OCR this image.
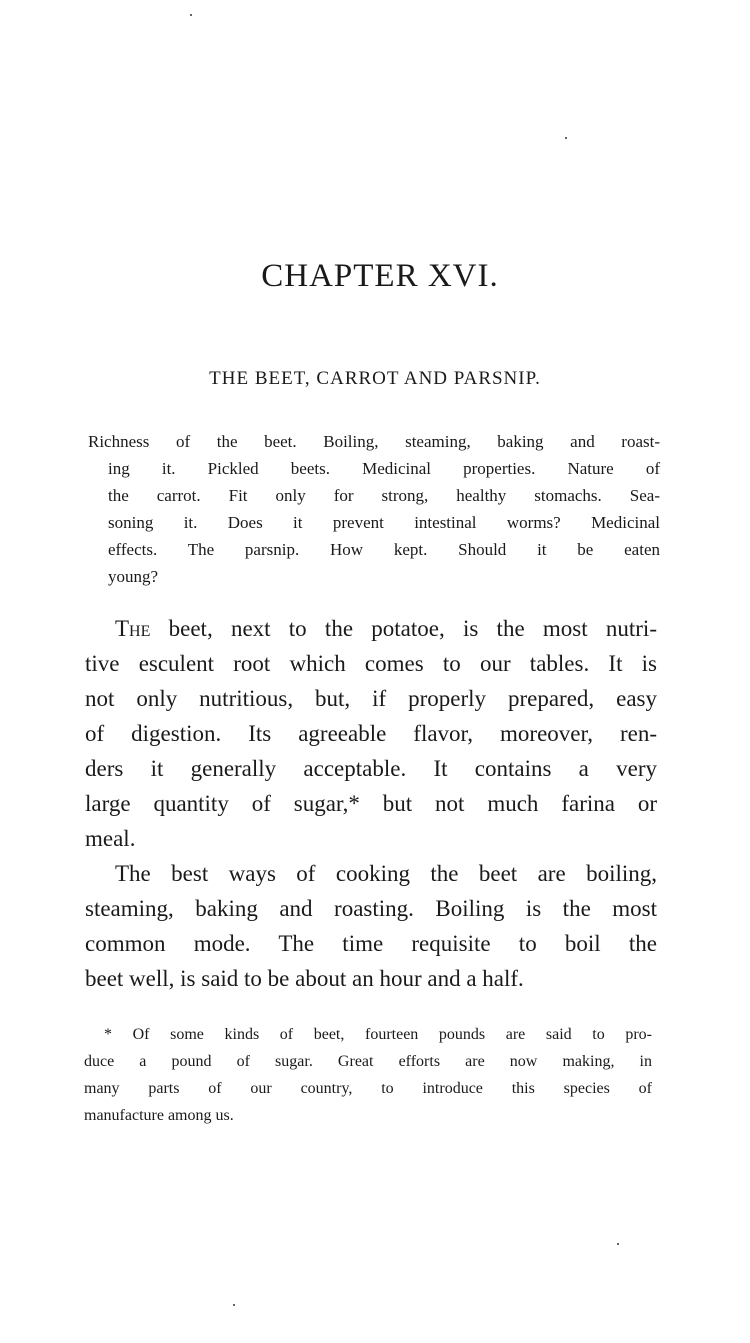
CHAPTER XVI.
THE BEET, CARROT AND PARSNIP.
Richness of the beet. Boiling, steaming, baking and roast-
ing it. Pickled beets. Medicinal properties. Nature of
the carrot. Fit only for strong, healthy stomachs. Sea-
soning it. Does it prevent intestinal worms? Medicinal
effects. The parsnip. How kept. Should it be eaten
young?
The beet, next to the potatoe, is the most nutri-
tive esculent root which comes to our tables. It is
not only nutritious, but, if properly prepared, easy
of digestion. Its agreeable flavor, moreover, ren-
ders it generally acceptable. It contains a very
large quantity of sugar,* but not much farina or
meal.
The best ways of cooking the beet are boiling,
steaming, baking and roasting. Boiling is the most
common mode. The time requisite to boil the
beet well, is said to be about an hour and a half.
* Of some kinds of beet, fourteen pounds are said to pro-
duce a pound of sugar. Great efforts are now making, in
many parts of our country, to introduce this species of
manufacture among us.
